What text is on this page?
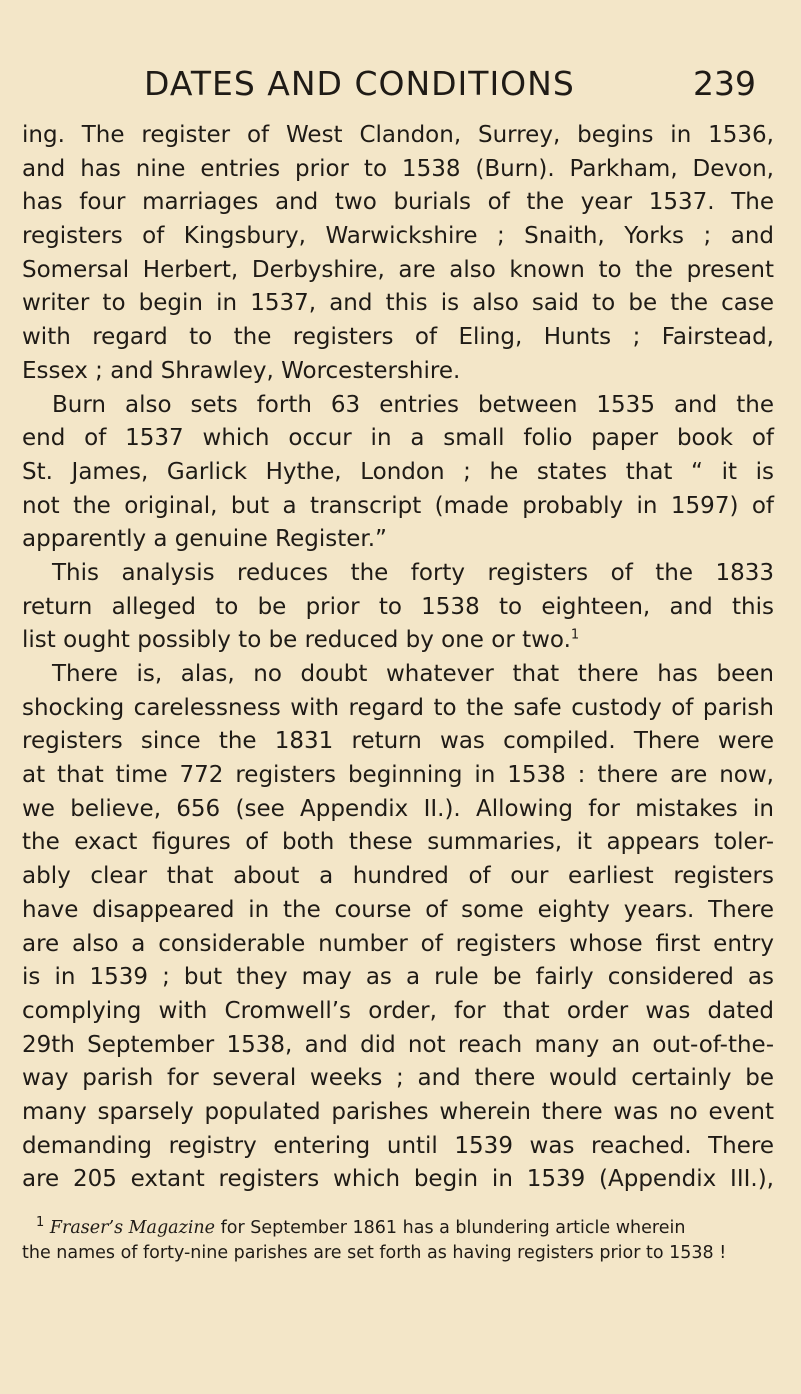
DATES AND CONDITIONS	239
ing. The register of West Clandon, Surrey, begins in 1536,
and has nine entries prior to 1538 (Burn). Parkham, Devon,
has four marriages and two burials of the year 1537. The
registers of Kingsbury, Warwickshire ; Snaith, Yorks ; and
Somersal Herbert, Derbyshire, are also known to the present
writer to begin in 1537, and this is also said to be the case
with regard to the registers of Eling, Hunts ; Fairstead,
Essex ; and Shrawley, Worcestershire.
Burn also sets forth 63 entries between 1535 and the
end of 1537 which occur in a small folio paper book of
St. James, Garlick Hythe, London ; he states that “ it is
not the original, but a transcript (made probably in 1597) of
apparently a genuine Register.”
This analysis reduces the forty registers of the 1833
return alleged to be prior to 1538 to eighteen, and this
list ought possibly to be reduced by one or two.$^1$
There is, alas, no doubt whatever that there has been
shocking carelessness with regard to the safe custody of parish
registers since the 1831 return was compiled. There were
at that time 772 registers beginning in 1538 : there are now,
we believe, 656 (see Appendix II.). Allowing for mistakes in
the exact figures of both these summaries, it appears toler-
ably clear that about a hundred of our earliest registers
have disappeared in the course of some eighty years. There
are also a considerable number of registers whose first entry
is in 1539 ; but they may as a rule be fairly considered as
complying with Cromwell’s order, for that order was dated
29th September 1538, and did not reach many an out-of-the-
way parish for several weeks ; and there would certainly be
many sparsely populated parishes wherein there was no event
demanding registry entering until 1539 was reached. There
are 205 extant registers which begin in 1539 (Appendix III.),
$^1$ Fraser’s Magazine for September 1861 has a blundering article wherein
the names of forty-nine parishes are set forth as having registers prior to 1538 !
